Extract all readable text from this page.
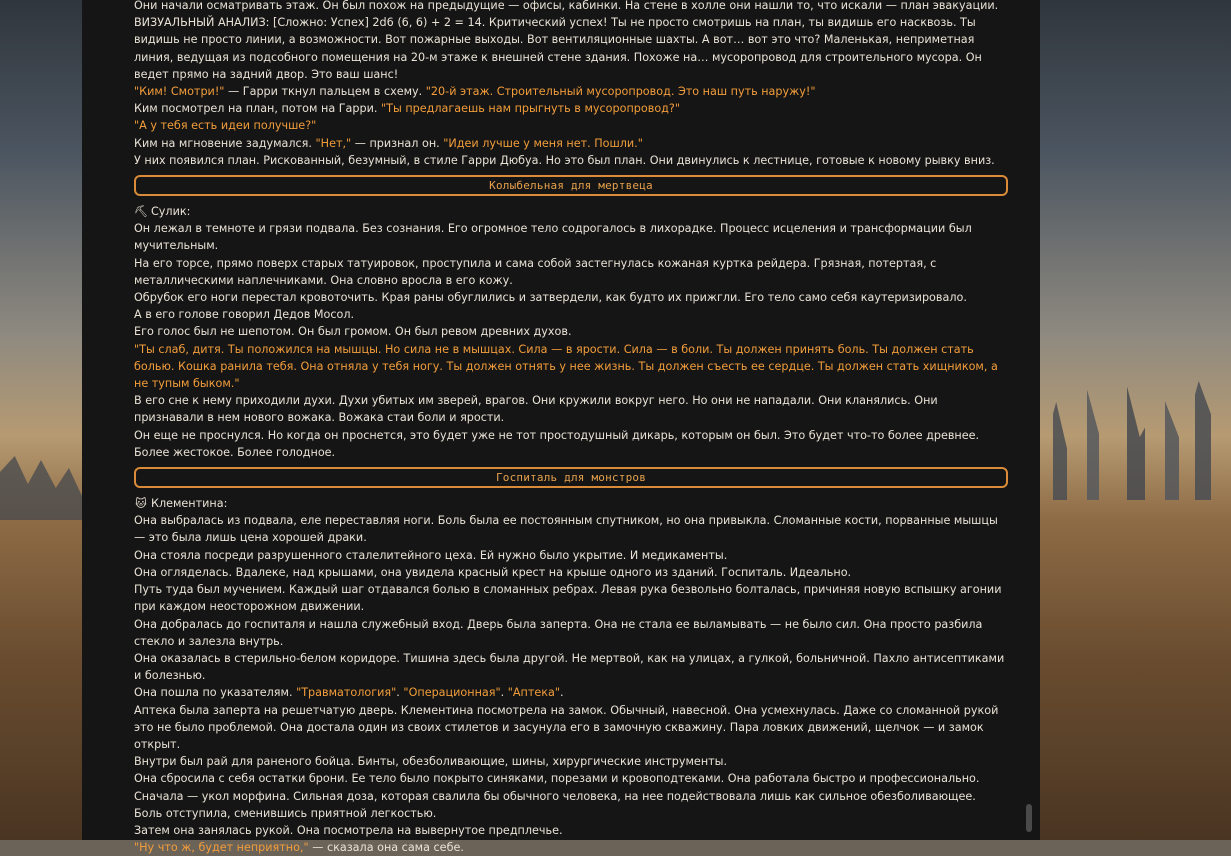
Они начали осматривать этаж. Он был похож на предыдущие — офисы, кабинки. На стене в холле они нашли то, что искали — план эвакуации.

ВИЗУАЛЬНЫЙ АНАЛИЗ: [Сложно: Успех] 2d6 (6, 6) + 2 = 14. Критический успех! Ты не просто смотришь на план, ты видишь его насквозь. Ты видишь не просто линии, а возможности. Вот пожарные выходы. Вот вентиляционные шахты. А вот… вот это что? Маленькая, неприметная линия, ведущая из подсобного помещения на 20-м этаже к внешней стене здания. Похоже на… мусоропровод для строительного мусора. Он ведет прямо на задний двор. Это ваш шанс!

"Ким! Смотри!" — Гарри ткнул пальцем в схему. "20-й этаж. Строительный мусоропровод. Это наш путь наружу!"

Ким посмотрел на план, потом на Гарри. "Ты предлагаешь нам прыгнуть в мусоропровод?"

"А у тебя есть идеи получше?"

Ким на мгновение задумался. "Нет," — признал он. "Идеи лучше у меня нет. Пошли."

У них появился план. Рискованный, безумный, в стиле Гарри Дюбуа. Но это был план. Они двинулись к лестнице, готовые к новому рывку вниз.

Колыбельная для мертвеца

⛏ Сулик:

Он лежал в темноте и грязи подвала. Без сознания. Его огромное тело содрогалось в лихорадке. Процесс исцеления и трансформации был мучительным.

На его торсе, прямо поверх старых татуировок, проступила и сама собой застегнулась кожаная куртка рейдера. Грязная, потертая, с металлическими наплечниками. Она словно вросла в его кожу.

Обрубок его ноги перестал кровоточить. Края раны обуглились и затвердели, как будто их прижгли. Его тело само себя каутеризировало.

А в его голове говорил Дедов Мосол.

Его голос был не шепотом. Он был громом. Он был ревом древних духов.

"Ты слаб, дитя. Ты положился на мышцы. Но сила не в мышцах. Сила — в ярости. Сила — в боли. Ты должен принять боль. Ты должен стать болью. Кошка ранила тебя. Она отняла у тебя ногу. Ты должен отнять у нее жизнь. Ты должен съесть ее сердце. Ты должен стать хищником, а не тупым быком."

В его сне к нему приходили духи. Духи убитых им зверей, врагов. Они кружили вокруг него. Но они не нападали. Они кланялись. Они признавали в нем нового вожака. Вожака стаи боли и ярости.

Он еще не проснулся. Но когда он проснется, это будет уже не тот простодушный дикарь, которым он был. Это будет что-то более древнее. Более жестокое. Более голодное.

Госпиталь для монстров

🐱 Клементина:

Она выбралась из подвала, еле переставляя ноги. Боль была ее постоянным спутником, но она привыкла. Сломанные кости, порванные мышцы — это была лишь цена хорошей драки.

Она стояла посреди разрушенного сталелитейного цеха. Ей нужно было укрытие. И медикаменты.

Она огляделась. Вдалеке, над крышами, она увидела красный крест на крыше одного из зданий. Госпиталь. Идеально.

Путь туда был мучением. Каждый шаг отдавался болью в сломанных ребрах. Левая рука безвольно болталась, причиняя новую вспышку агонии при каждом неосторожном движении.

Она добралась до госпиталя и нашла служебный вход. Дверь была заперта. Она не стала ее выламывать — не было сил. Она просто разбила стекло и залезла внутрь.

Она оказалась в стерильно-белом коридоре. Тишина здесь была другой. Не мертвой, как на улицах, а гулкой, больничной. Пахло антисептиками и болезнью.

Она пошла по указателям. "Травматология". "Операционная". "Аптека".

Аптека была заперта на решетчатую дверь. Клементина посмотрела на замок. Обычный, навесной. Она усмехнулась. Даже со сломанной рукой это не было проблемой. Она достала один из своих стилетов и засунула его в замочную скважину. Пара ловких движений, щелчок — и замок открыт.

Внутри был рай для раненого бойца. Бинты, обезболивающие, шины, хирургические инструменты.

Она сбросила с себя остатки брони. Ее тело было покрыто синяками, порезами и кровоподтеками. Она работала быстро и профессионально. Сначала — укол морфина. Сильная доза, которая свалила бы обычного человека, на нее подействовала лишь как сильное обезболивающее.

Боль отступила, сменившись приятной легкостью.

Затем она занялась рукой. Она посмотрела на вывернутое предплечье.

"Ну что ж, будет неприятно," — сказала она сама себе.
